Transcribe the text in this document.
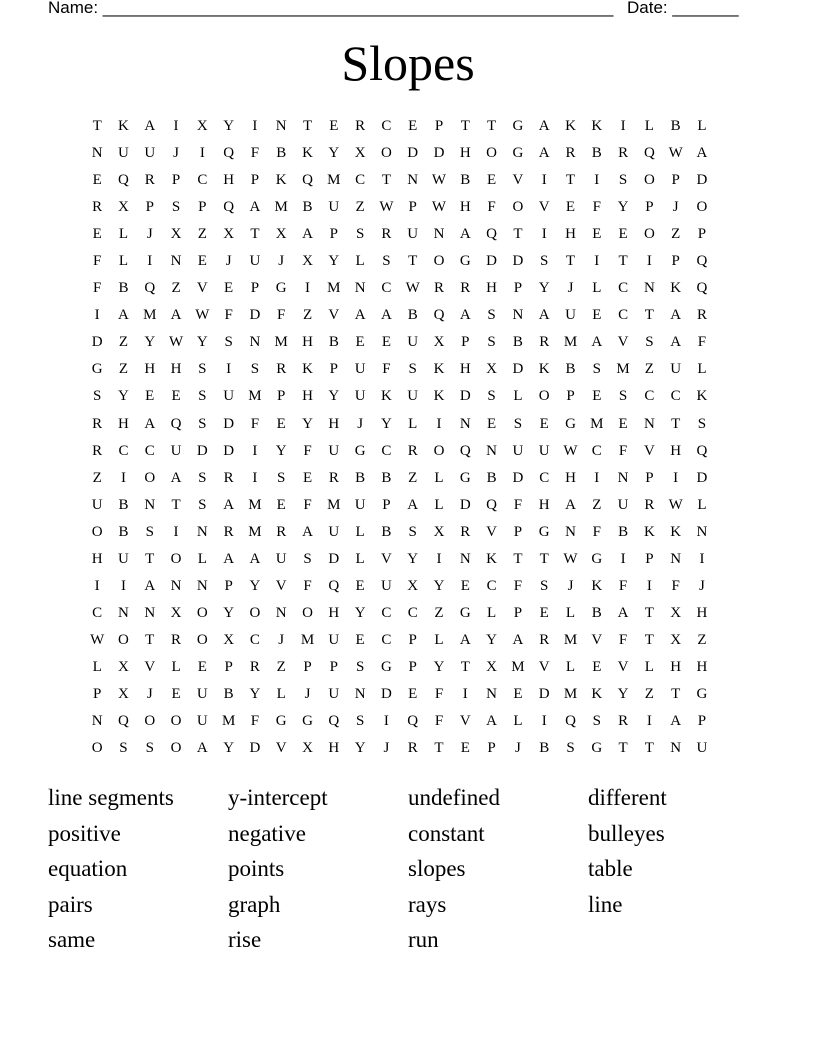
Name: ______________________________________________________ Date: _______
Slopes
T	K	A	I	X	Y	I	N	T	E	R	C	E	P	T	T	G	A	K	K	I	L	B	L
N	U	U	J	I	Q	F	B	K	Y	X	O	D	D	H	O	G	A	R	B	R	Q W A
E	Q	R	P	C	H	P	K	Q M C	T	N W B	E	V	I	T	I	S	O	P	D
R	X	P	S	P	Q	A M B	U	Z W	P	W H	F	O	V	E	F	Y	P	J	O
E	L	J	X	Z	X	T	X	A	P	S	R	U	N	A	Q	T	I	H	E	E	O	Z	P
F	L	I	N	E	J	U	J	X	Y	L	S	T	O	G	D	D	S	T	I	T	I	P	Q
F	B	Q	Z	V	E	P	G	I	M N	C W R	R	H	P	Y	J	L	C	N	K	Q
I	A M A W	F	D	F	Z	V	A	A	B	Q	A	S	N	A	U	E	C	T	A	R
D	Z	Y W Y	S	N M H	B	E	E	U	X	P	S	B	R M A	V	S	A	F
G	Z	H	H	S	I	S	R	K	P	U	F	S	K	H	X	D	K	B	S	M	Z	U	L
S	Y	E	E	S	U M	P	H	Y	U	K	U	K	D	S	L	O	P	E	S	C	C	K
R	H	A	Q	S	D	F	E	Y	H	J	Y	L	I	N	E	S	E	G M	E	N	T	S
R	C	C	U	D	D	I	Y	F	U	G	C	R	O	Q	N	U	U W C	F	V	H	Q
Z	I	O	A	S	R	I	S	E	R	B	B	Z	L	G	B	D	C	H	I	N	P	I	D
U	B	N	T	S	A M	E	F	M U	P	A	L	D	Q	F	H	A	Z	U	R W L
O	B	S	I	N	R M R	A	U	L	B	S	X	R	V	P	G	N	F	B	K	K	N
H	U	T	O	L	A	A	U	S	D	L	V	Y	I	N	K	T	T W G	I	P	N	I
I	I	A	N	N	P	Y	V	F	Q	E	U	X	Y	E	C	F	S	J	K	F	I	F	J
C	N	N	X	O	Y	O	N	O	H	Y	C	C	Z	G	L	P	E	L	B	A	T	X	H
W O	T	R	O	X	C	J	M U	E	C	P	L	A	Y	A	R M V	F	T	X	Z
L	X	V	L	E	P	R	Z	P	P	S	G	P	Y	T	X M V	L	E	V	L	H	H
P	X	J	E	U	B	Y	L	J	U	N	D	E	F	I	N	E	D M K	Y	Z	T	G
N	Q	O	O	U M	F	G	G	Q	S	I	Q	F	V	A	L	I	Q	S	R	I	A	P
O	S	S	O	A	Y	D	V	X	H	Y	J	R	T	E	P	J	B	S	G	T	T	N	U
line segments	y-intercept	undefined	different
positive	negative	constant	bulleyes
equation	points	slopes	table
pairs	graph	rays	line
same	rise	run
